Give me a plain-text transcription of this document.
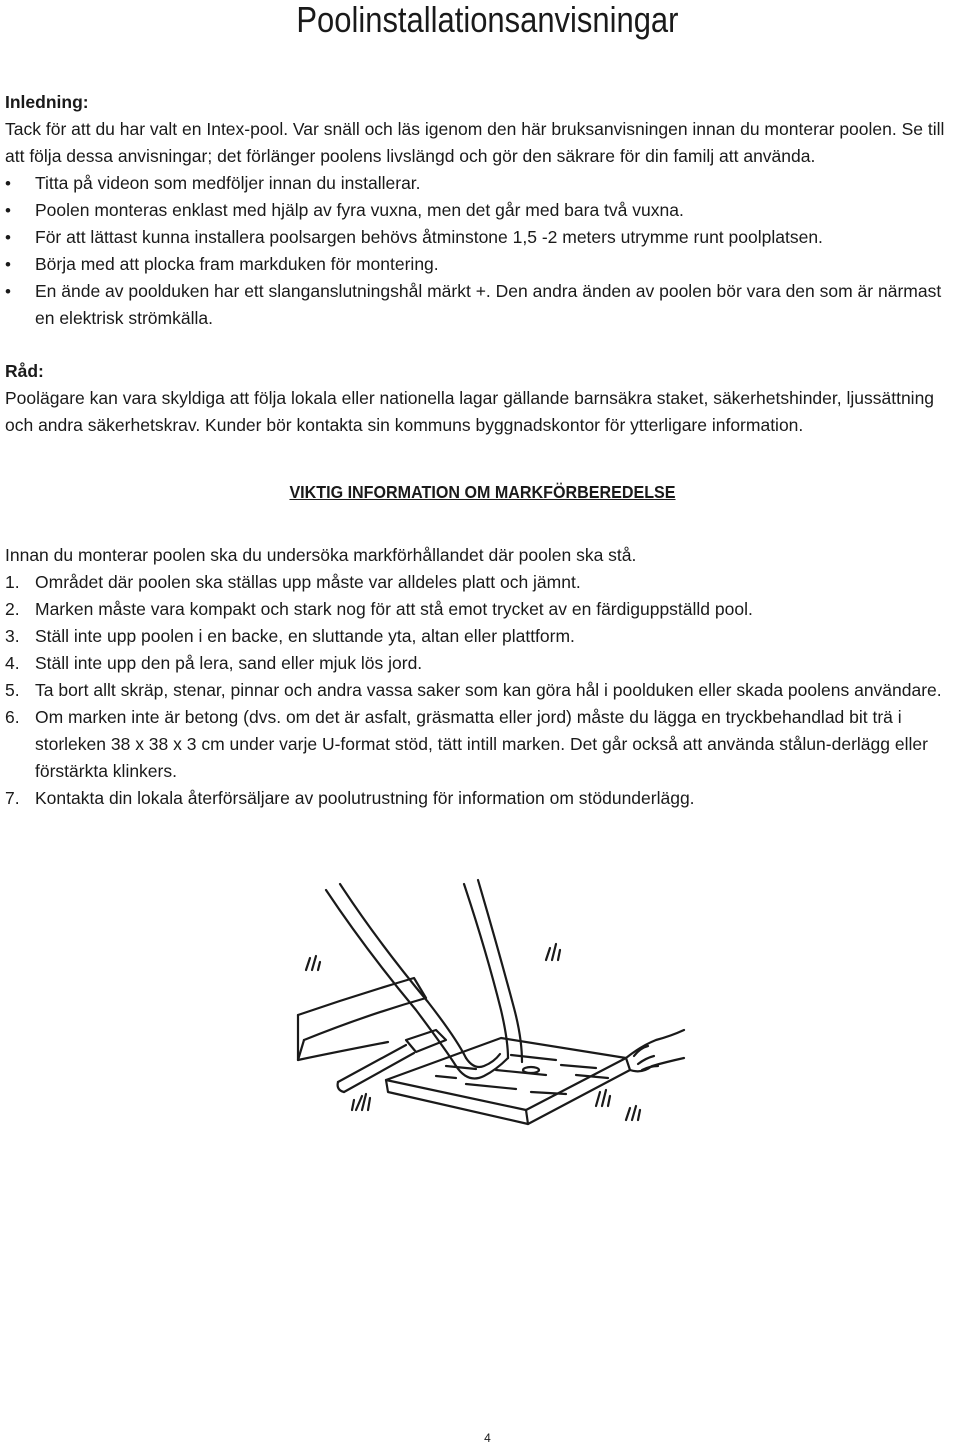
Poolinstallationsanvisningar

Inledning:

Tack för att du har valt en Intex-pool. Var snäll och läs igenom den här bruksanvisningen innan du monterar poolen. Se till att följa dessa anvisningar; det förlänger poolens livslängd och gör den säkrare för din familj att använda.

• Titta på videon som medföljer innan du installerar.
• Poolen monteras enklast med hjälp av fyra vuxna, men det går med bara två vuxna.
• För att lättast kunna installera poolsargen behövs åtminstone 1,5 -2 meters utrymme runt poolplatsen.
• Börja med att plocka fram markduken för montering.
• En ände av poolduken har ett slanganslutningshål märkt +. Den andra änden av poolen bör vara den som är närmast en elektrisk strömkälla.

Råd:

Poolägare kan vara skyldiga att följa lokala eller nationella lagar gällande barnsäkra staket, säkerhetshinder, ljussättning och andra säkerhetskrav. Kunder bör kontakta sin kommuns byggnadskontor för ytterligare information.

VIKTIG INFORMATION OM MARKFÖRBEREDELSE

Innan du monterar poolen ska du undersöka markförhållandet där poolen ska stå.

1. Området där poolen ska ställas upp måste var alldeles platt och jämnt.
2. Marken måste vara kompakt och stark nog för att stå emot trycket av en färdiguppställd pool.
3. Ställ inte upp poolen i en backe, en sluttande yta, altan eller plattform.
4. Ställ inte upp den på lera, sand eller mjuk lös jord.
5. Ta bort allt skräp, stenar, pinnar och andra vassa saker som kan göra hål i poolduken eller skada poolens användare.
6. Om marken inte är betong (dvs. om det är asfalt, gräsmatta eller jord) måste du lägga en tryckbehandlad bit trä i storleken 38 x 38 x 3 cm under varje U-format stöd, tätt intill marken. Det går också att använda stålun-derlägg eller förstärkta klinkers.
7. Kontakta din lokala återförsäljare av poolutrustning för information om stödunderlägg.
4
